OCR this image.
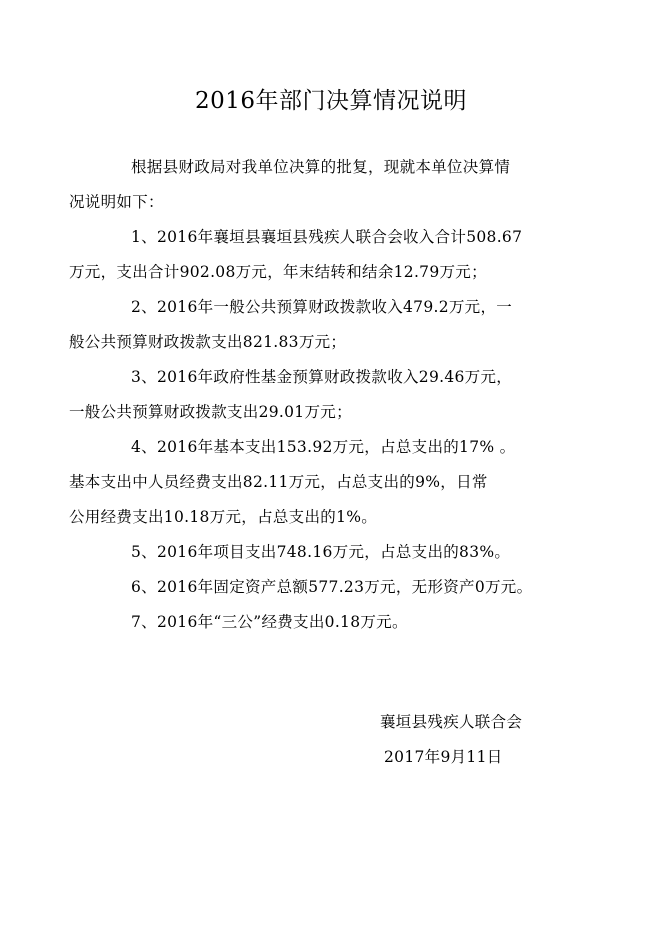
2016年部门决算情况说明

根据县财政局对我单位决算的批复，现就本单位决算情
况说明如下：

1、2016年襄垣县襄垣县残疾人联合会收入合计508.67
万元，支出合计902.08万元，年末结转和结余12.79万元；

2、2016年一般公共预算财政拨款收入479.2万元，一
般公共预算财政拨款支出821.83万元；

3、2016年政府性基金预算财政拨款收入29.46万元，
一般公共预算财政拨款支出29.01万元；

4、2016年基本支出153.92万元，占总支出的17% 。
基本支出中人员经费支出82.11万元，占总支出的9%，日常
公用经费支出10.18万元，占总支出的1%。

5、2016年项目支出748.16万元，占总支出的83%。

6、2016年固定资产总额577.23万元，无形资产0万元。

7、2016年“三公”经费支出0.18万元。

襄垣县残疾人联合会
2017年9月11日
